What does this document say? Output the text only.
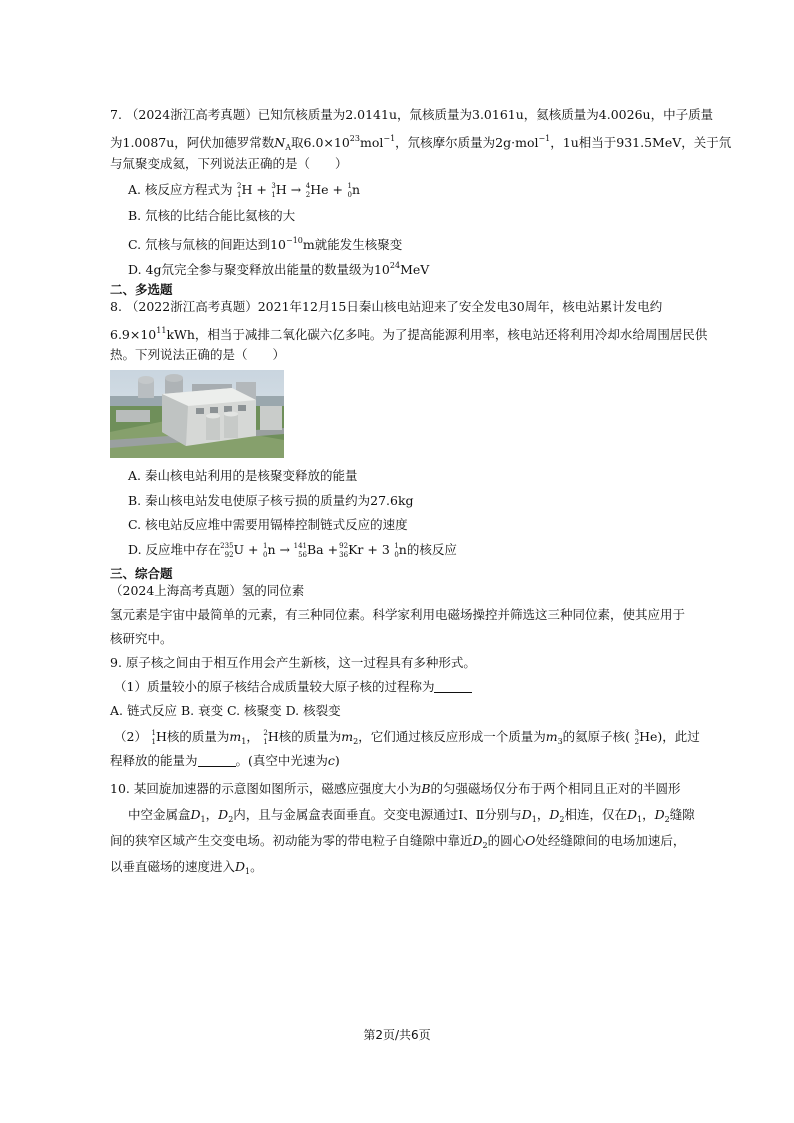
7. （2024浙江高考真题）已知氘核质量为2.0141u，氚核质量为3.0161u，氦核质量为4.0026u，中子质量
为1.0087u，阿伏加德罗常数$N_A$取$6.0\times 10^{23}mol^{-1}$，氘核摩尔质量为2g·mol$^{-1}$，1u相当于931.5MeV，关于氘
与氚聚变成氦，下列说法正确的是（　　）
A. 核反应方程式为 2
1 H + 3
1 H → 4
2 He + 1
0 n
B. 氘核的比结合能比氦核的大
C. 氘核与氚核的间距达到$10^{-10}m$就能发生核聚变
D. 4g氘完全参与聚变释放出能量的数量级为$10^{24}MeV$
二、多选题
8. （2022浙江高考真题）2021年12月15日秦山核电站迎来了安全发电30周年，核电站累计发电约
$6.9\times 10^{11}kWh$，相当于减排二氧化碳六亿多吨。为了提高能源利用率，核电站还将利用冷却水给周围居民供
热。下列说法正确的是（　　）
A. 秦山核电站利用的是核聚变释放的能量
B. 秦山核电站发电使原子核亏损的质量约为27.6kg
C. 核电站反应堆中需要用镉棒控制链式反应的速度
D. 反应堆中存在 235
92 U + 1
0 n → 141
56 Ba + 92
36 Kr + 3 1
0 n的核反应
三、综合题
（2024上海高考真题）氢的同位素
氢元素是宇宙中最简单的元素，有三种同位素。科学家利用电磁场操控并筛选这三种同位素，使其应用于
核研究中。
9. 原子核之间由于相互作用会产生新核，这一过程具有多种形式。
（1）质量较小的原子核结合成质量较大原子核的过程称为
A. 链式反应 B. 衰变 C. 核聚变 D. 核裂变
（2） 1
1 H核的质量为$m_1$， 2
1 H核的质量为$m_2$，它们通过核反应形成一个质量为$m_3$的氦原子核( 3
2 He)，此过
程释放的能量为	。(真空中光速为c)
10. 某回旋加速器的示意图如图所示，磁感应强度大小为B的匀强磁场仅分布于两个相同且正对的半圆形
中空金属盒$D_1$，$D_2$内，且与金属盒表面垂直。交变电源通过Ⅰ、Ⅱ分别与$D_1$，$D_2$相连，仅在$D_1$，$D_2$缝隙
间的狭窄区域产生交变电场。初动能为零的带电粒子自缝隙中靠近$D_2$的圆心O处经缝隙间的电场加速后，
以垂直磁场的速度进入$D_1$。
第2页/共6页
